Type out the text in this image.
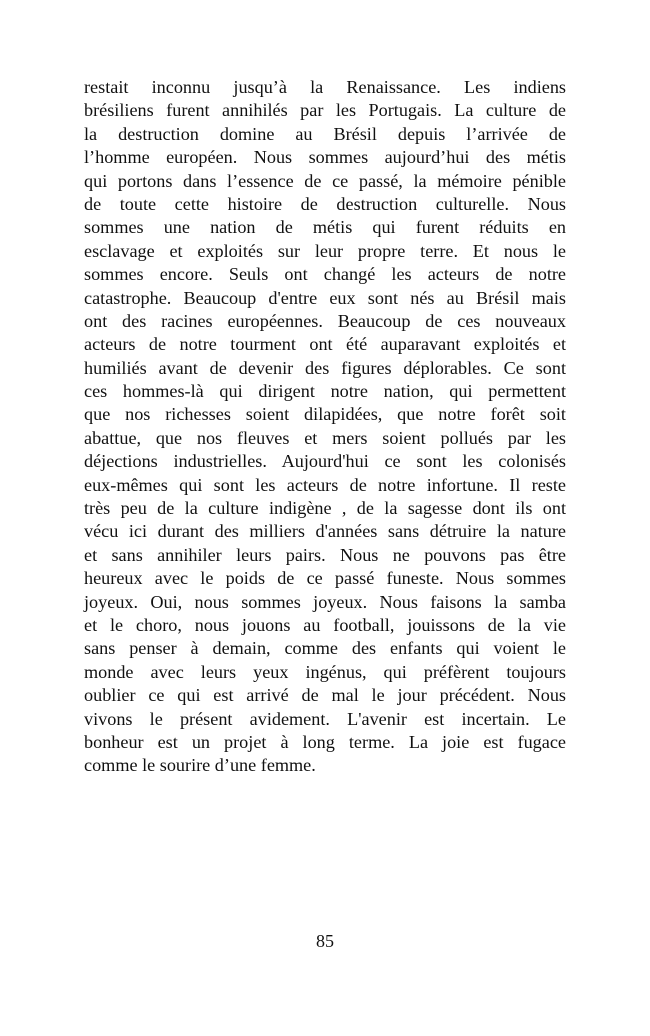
restait inconnu jusqu’à la Renaissance. Les indiens
brésiliens furent annihilés par les Portugais. La culture de
la destruction domine au Brésil depuis l’arrivée de
l’homme européen. Nous sommes aujourd’hui des métis
qui portons dans l’essence de ce passé, la mémoire pénible
de toute cette histoire de destruction culturelle. Nous
sommes une nation de métis qui furent réduits en
esclavage et exploités sur leur propre terre. Et nous le
sommes encore. Seuls ont changé les acteurs de notre
catastrophe. Beaucoup d'entre eux sont nés au Brésil mais
ont des racines européennes. Beaucoup de ces nouveaux
acteurs de notre tourment ont été auparavant exploités et
humiliés avant de devenir des figures déplorables. Ce sont
ces hommes-là qui dirigent notre nation, qui permettent
que nos richesses soient dilapidées, que notre forêt soit
abattue, que nos fleuves et mers soient pollués par les
déjections industrielles. Aujourd'hui ce sont les colonisés
eux-mêmes qui sont les acteurs de notre infortune. Il reste
très peu de la culture indigène , de la sagesse dont ils ont
vécu ici durant des milliers d'années sans détruire la nature
et sans annihiler leurs pairs. Nous ne pouvons pas être
heureux avec le poids de ce passé funeste. Nous sommes
joyeux. Oui, nous sommes joyeux. Nous faisons la samba
et le choro, nous jouons au football, jouissons de la vie
sans penser à demain, comme des enfants qui voient le
monde avec leurs yeux ingénus, qui préfèrent toujours
oublier ce qui est arrivé de mal le jour précédent. Nous
vivons le présent avidement. L'avenir est incertain. Le
bonheur est un projet à long terme. La joie est fugace
comme le sourire d’une femme.
85
